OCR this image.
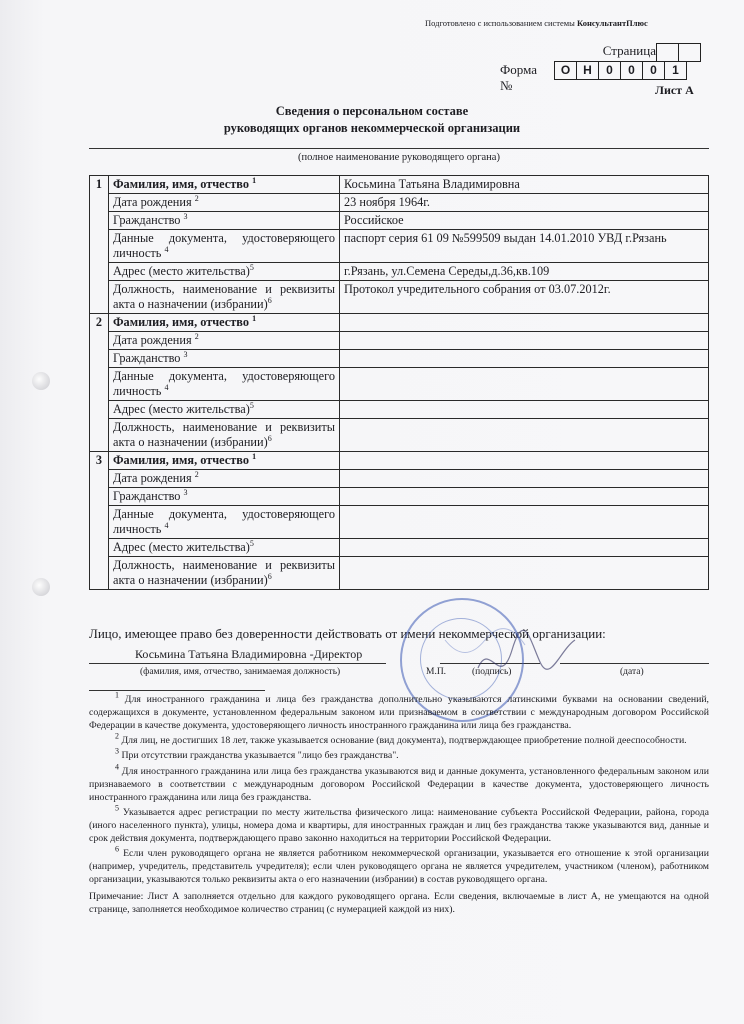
Подготовлено с использованием системы КонсультантПлюс
Страница
Форма №
О	Н	0	0	0	1
Лист А
Сведения о персональном составе
руководящих органов некоммерческой организации
(полное наименование руководящего органа)
1	Фамилия, имя, отчество $^1$	Косьмина Татьяна Владимировна
	Дата рождения $^2$	23 ноября 1964г.
	Гражданство $^3$	Российское
	Данные документа, удостоверяющего личность $^4$	паспорт серия 61 09 №599509 выдан 14.01.2010 УВД г.Рязань
	Адрес (место жительства)$^5$	г.Рязань, ул.Семена Середы,д.36,кв.109
	Должность, наименование и реквизиты акта о назначении (избрании)$^6$	Протокол учредительного собрания от 03.07.2012г.
2	Фамилия, имя, отчество $^1$	
	Дата рождения $^2$	
	Гражданство $^3$	
	Данные документа, удостоверяющего личность $^4$	
	Адрес (место жительства)$^5$	
	Должность, наименование и реквизиты акта о назначении (избрании)$^6$	
3	Фамилия, имя, отчество $^1$	
	Дата рождения $^2$	
	Гражданство $^3$	
	Данные документа, удостоверяющего личность $^4$	
	Адрес (место жительства)$^5$	
	Должность, наименование и реквизиты акта о назначении (избрании)$^6$	
Лицо, имеющее право без доверенности действовать от имени некоммерческой организации:
Косьмина Татьяна Владимировна -Директор
(фамилия, имя, отчество, занимаемая должность)	М.П.	(подпись)	(дата)

$^1$ Для иностранного гражданина и лица без гражданства дополнительно указываются латинскими буквами на основании сведений, содержащихся в документе, установленном федеральным законом или признаваемом в соответствии с международным договором Российской Федерации в качестве документа, удостоверяющего личность иностранного гражданина или лица без гражданства.

$^2$ Для лиц, не достигших 18 лет, также указывается основание (вид документа), подтверждающее приобретение полной дееспособности.

$^3$ При отсутствии гражданства указывается "лицо без гражданства".

$^4$ Для иностранного гражданина или лица без гражданства указываются вид и данные документа, установленного федеральным законом или признаваемого в соответствии с международным договором Российской Федерации в качестве документа, удостоверяющего личность иностранного гражданина или лица без гражданства.

$^5$ Указывается адрес регистрации по месту жительства физического лица: наименование субъекта Российской Федерации, района, города (иного населенного пункта), улицы, номера дома и квартиры, для иностранных граждан и лиц без гражданства также указываются вид, данные и срок действия документа, подтверждающего право законно находиться на территории Российской Федерации.

$^6$ Если член руководящего органа не является работником некоммерческой организации, указывается его отношение к этой организации (например, учредитель, представитель учредителя); если член руководящего органа не является учредителем, участником (членом), работником организации, указываются только реквизиты акта о его назначении (избрании) в состав руководящего органа.

Примечание: Лист А заполняется отдельно для каждого руководящего органа. Если сведения, включаемые в лист А, не умещаются на одной странице, заполняется необходимое количество страниц (с нумерацией каждой из них).
